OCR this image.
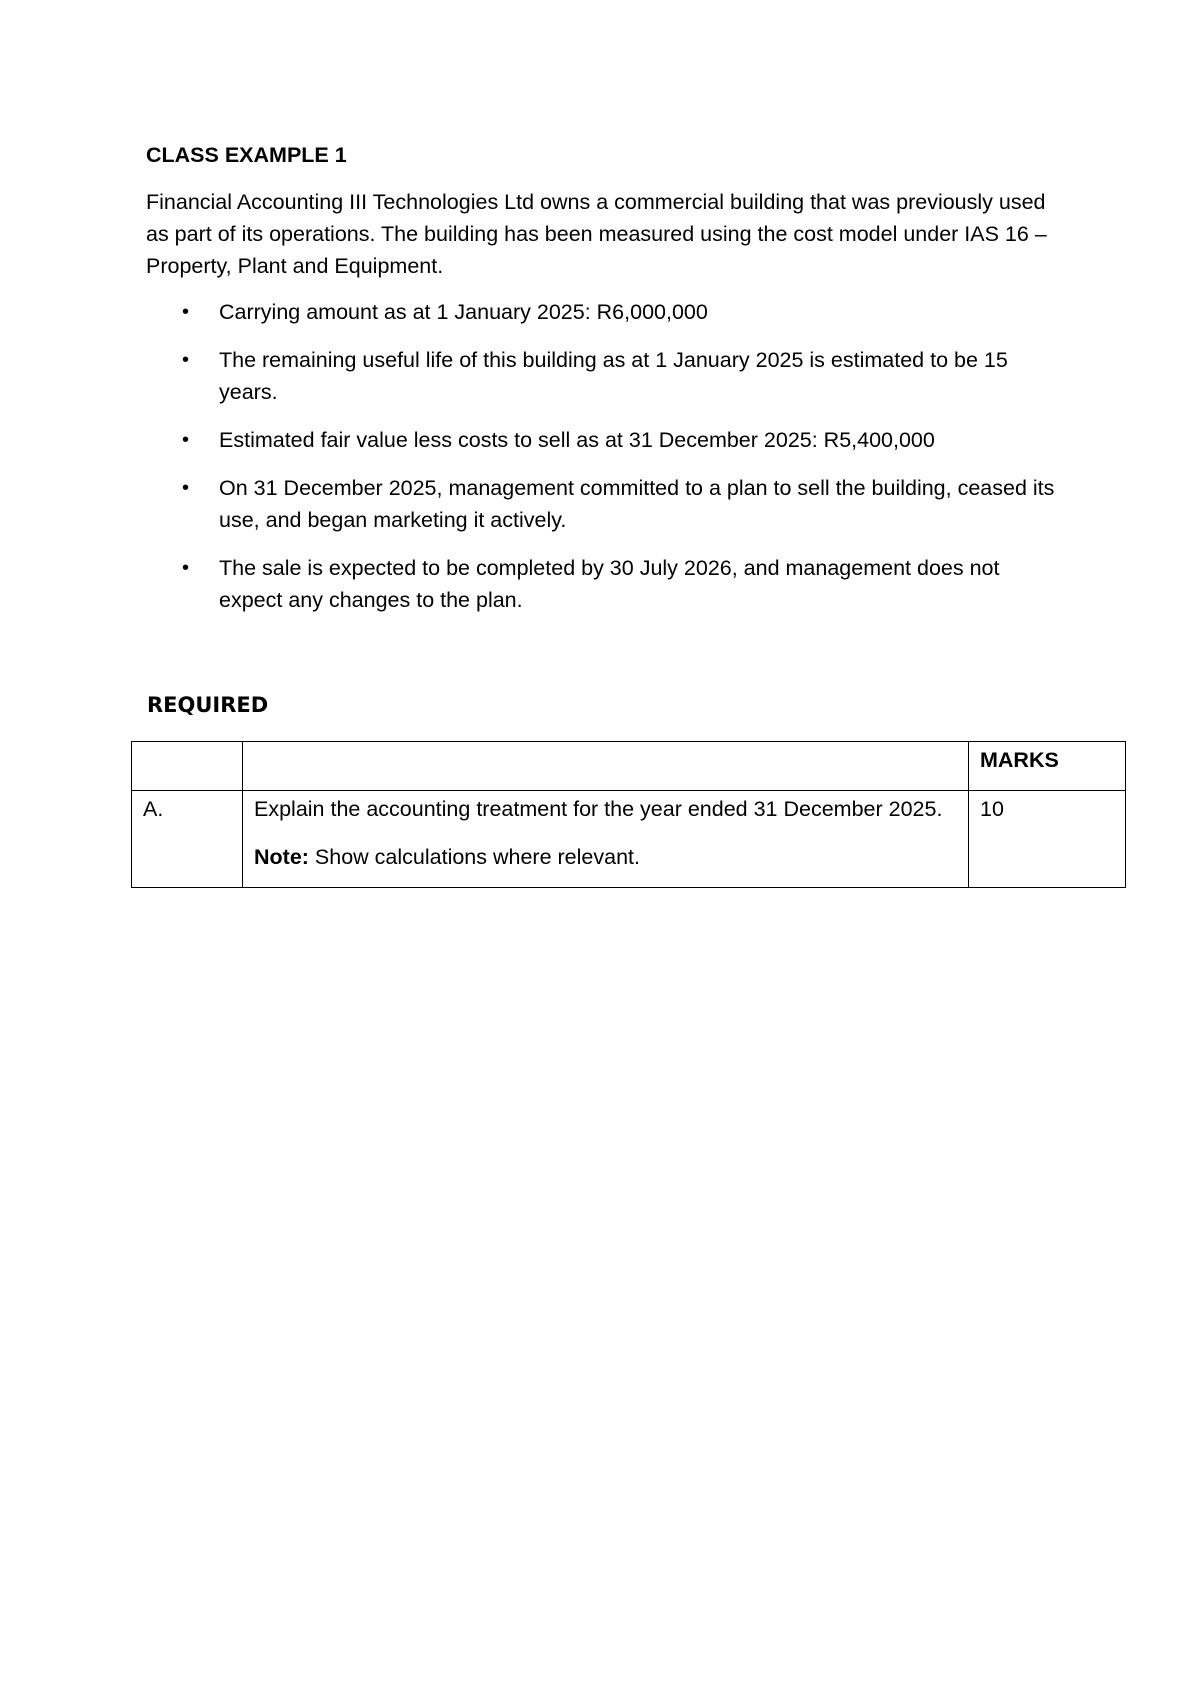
CLASS EXAMPLE 1
Financial Accounting III Technologies Ltd owns a commercial building that was previously used as part of its operations. The building has been measured using the cost model under IAS 16 – Property, Plant and Equipment.
• Carrying amount as at 1 January 2025: R6,000,000
• The remaining useful life of this building as at 1 January 2025 is estimated to be 15 years.
• Estimated fair value less costs to sell as at 31 December 2025: R5,400,000
• On 31 December 2025, management committed to a plan to sell the building, ceased its use, and began marketing it actively.
• The sale is expected to be completed by 30 July 2026, and management does not expect any changes to the plan.
REQUIRED
		MARKS
A.	Explain the accounting treatment for the year ended 31 December 2025.
Note: Show calculations where relevant.	10
